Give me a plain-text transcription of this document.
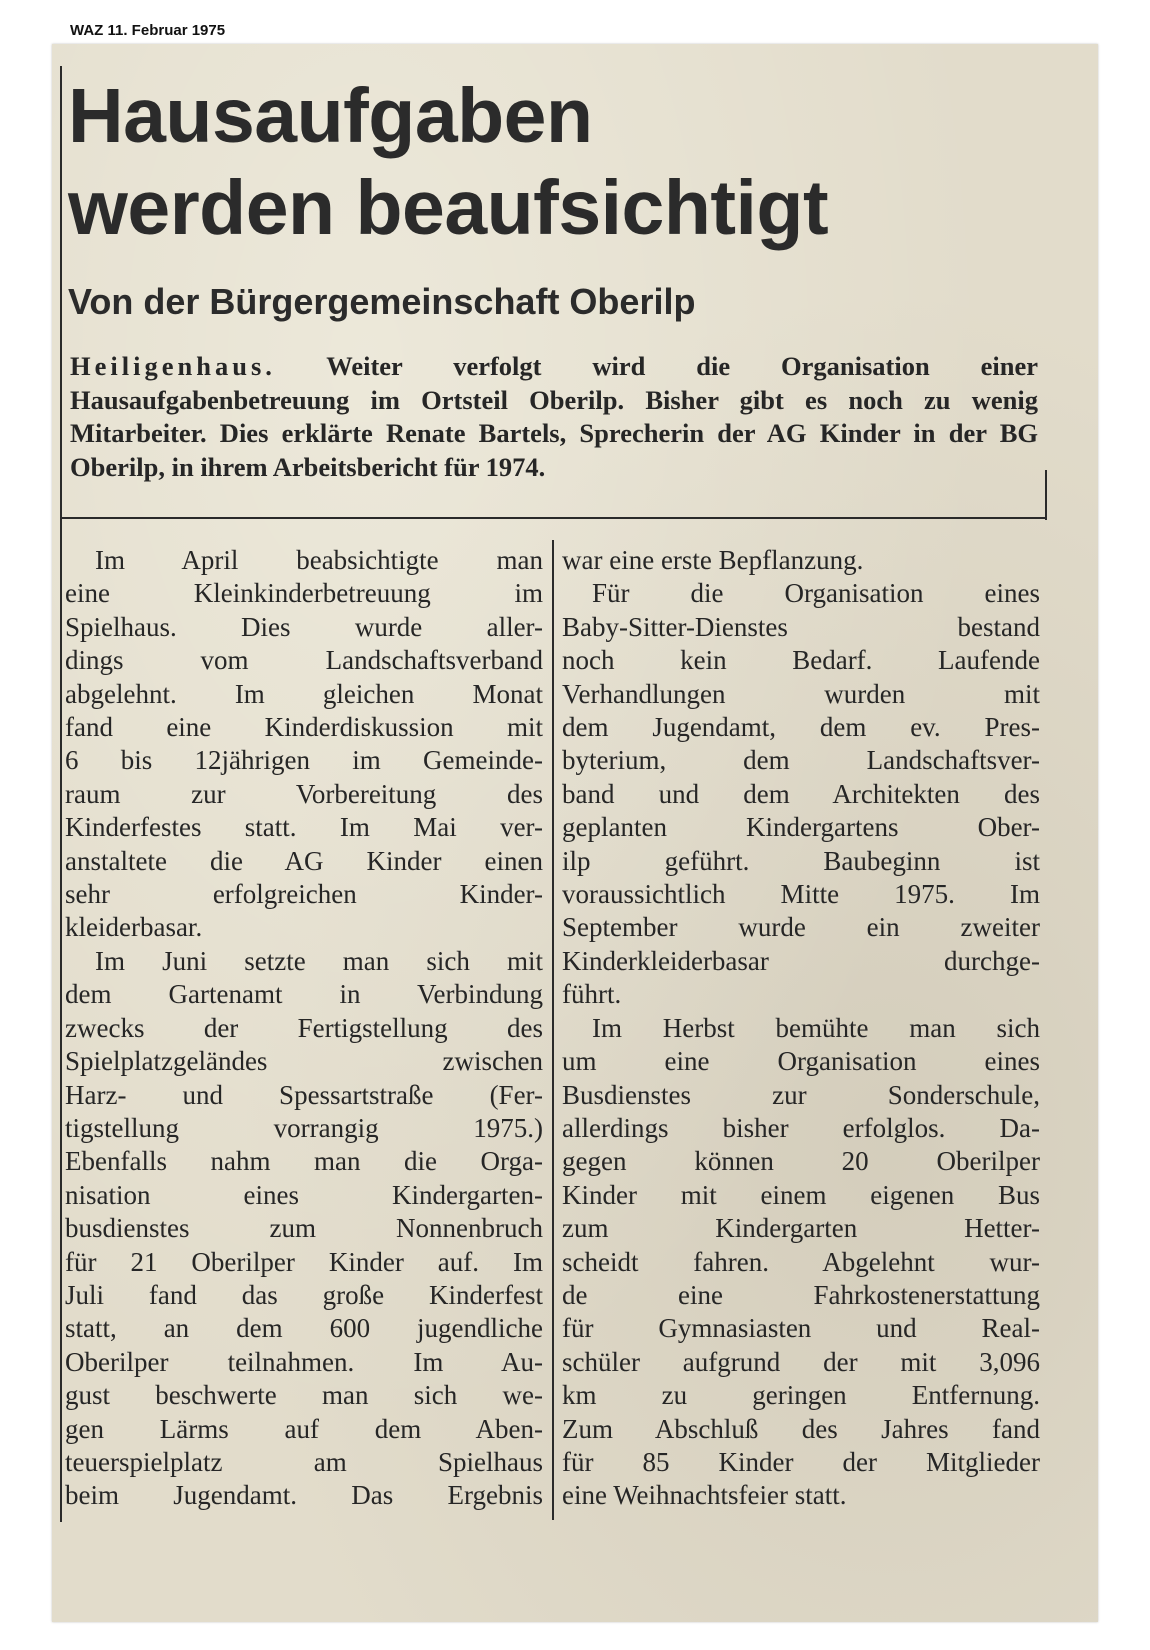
WAZ 11. Februar 1975
Hausaufgaben
werden beaufsichtigt
Von der Bürgergemeinschaft Oberilp
Heiligenhaus. Weiter verfolgt wird die Organisation einer Hausaufgabenbetreuung im Ortsteil Oberilp. Bisher gibt es noch zu wenig Mitarbeiter. Dies erklärte Renate Bartels, Sprecherin der AG Kinder in der BG Oberilp, in ihrem Arbeitsbericht für 1974.
Im April beabsichtigte man
eine Kleinkinderbetreuung im
Spielhaus. Dies wurde aller-
dings vom Landschaftsverband
abgelehnt. Im gleichen Monat
fand eine Kinderdiskussion mit
6 bis 12jährigen im Gemeinde-
raum zur Vorbereitung des
Kinderfestes statt. Im Mai ver-
anstaltete die AG Kinder einen
sehr erfolgreichen Kinder-
kleiderbasar.
Im Juni setzte man sich mit
dem Gartenamt in Verbindung
zwecks der Fertigstellung des
Spielplatzgeländes zwischen
Harz- und Spessartstraße (Fer-
tigstellung vorrangig 1975.)
Ebenfalls nahm man die Orga-
nisation eines Kindergarten-
busdienstes zum Nonnenbruch
für 21 Oberilper Kinder auf. Im
Juli fand das große Kinderfest
statt, an dem 600 jugendliche
Oberilper teilnahmen. Im Au-
gust beschwerte man sich we-
gen Lärms auf dem Aben-
teuerspielplatz am Spielhaus
beim Jugendamt. Das Ergebnis
war eine erste Bepflanzung.
Für die Organisation eines
Baby-Sitter-Dienstes bestand
noch kein Bedarf. Laufende
Verhandlungen wurden mit
dem Jugendamt, dem ev. Pres-
byterium, dem Landschaftsver-
band und dem Architekten des
geplanten Kindergartens Ober-
ilp geführt. Baubeginn ist
voraussichtlich Mitte 1975. Im
September wurde ein zweiter
Kinderkleiderbasar durchge-
führt.
Im Herbst bemühte man sich
um eine Organisation eines
Busdienstes zur Sonderschule,
allerdings bisher erfolglos. Da-
gegen können 20 Oberilper
Kinder mit einem eigenen Bus
zum Kindergarten Hetter-
scheidt fahren. Abgelehnt wur-
de eine Fahrkostenerstattung
für Gymnasiasten und Real-
schüler aufgrund der mit 3,096
km zu geringen Entfernung.
Zum Abschluß des Jahres fand
für 85 Kinder der Mitglieder
eine Weihnachtsfeier statt.
